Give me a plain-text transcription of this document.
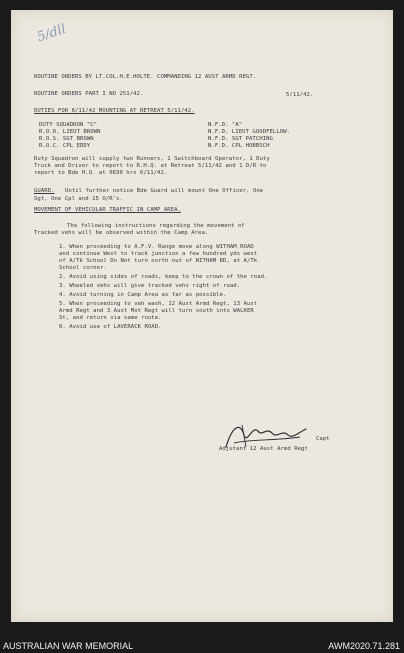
5/dll
ROUTINE ORDERS BY LT.COL.H.E.HOLTE. COMMANDING 12 AUST ARMD REGT.
ROUTINE ORDERS PART I NO 251/42.	5/11/42.
DUTIES FOR 6/11/42 MOUNTING AT RETREAT 5/11/42.
DUTY SQUADRON "C"	N.F.D. "A"
R.O.O. LIEUT BROWN	N.F.D. LIEUT GOODFELLOW.
R.O.S. SGT BROWN	N.F.D. SGT PATCHING
R.O.C. CPL EDDY	N.F.D. CPL HOBBSCH
Duty Squadron will supply two Runners, 1 Switchboard Operator, 1 Duty
Truck and Driver to report to R.H.Q. at Retreat 5/11/42 and 1 D/R to
report to Bde H.Q. at 0830 hrs 6/11/42.
GUARD. Until further notice Bde Guard will mount One Officer, One
Sgt, One Cpl and 15 O/R's.
MOVEMENT OF VEHICULAR TRAFFIC IN CAMP AREA.
The following instructions regarding the movement of
Tracked vehs will be observed within the Camp Area.
1. When proceeding to A.F.V. Range move along WITHAM ROAD
and continue West to track junction a few hundred yds west
of A/Tk School Do Not turn north out of WITHAM RD, at A/Tk
School corner.
2. Avoid using sides of roads, keep to the crown of the road.
3. Wheeled vehs will give tracked vehs right of road.
4. Avoid turning in Camp Area as far as possible.
5. When proceeding to veh wash, 12 Aust Armd Regt, 13 Aust
Armd Regt and 3 Aust Mot Regt will turn south into WALKER
St, and return via same route.
6. Avoid use of LAVERACK ROAD.
Capt
Adjutant 12 Aust Armd Regt
AUSTRALIAN WAR MEMORIAL	AWM2020.71.281
